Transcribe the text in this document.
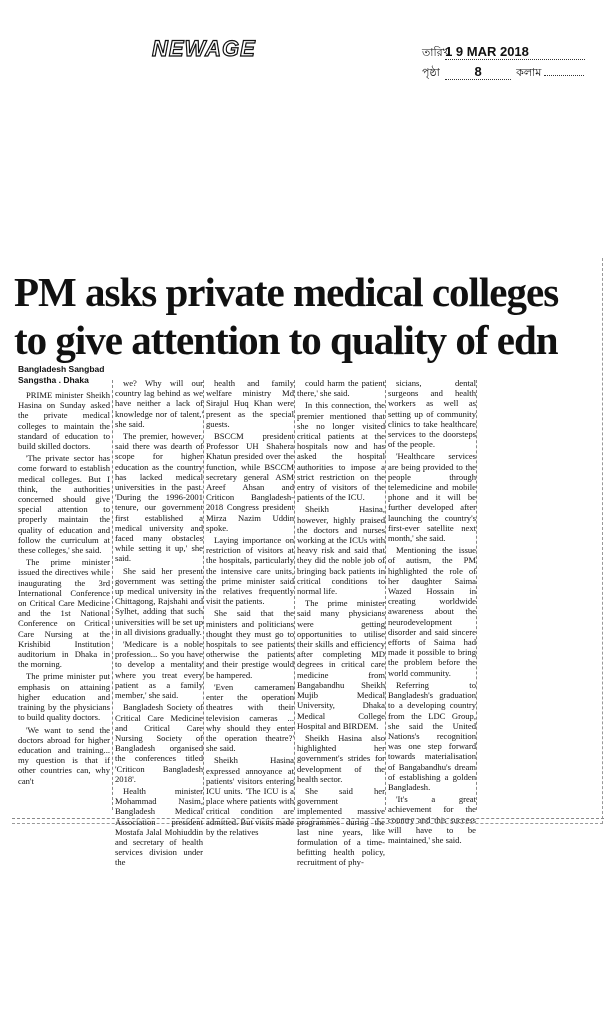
NEWAGE	তারিখ 1 9 MAR 2018
পৃষ্ঠা	8	কলাম
PM asks private medical colleges
to give attention to quality of edn
Bangladesh Sangbad
Sangstha . Dhaka

PRIME minister Sheikh Hasina on Sunday asked the private medical colleges to maintain the standard of education to build skilled doctors.

'The private sector has come forward to establish medical colleges. But I think, the authorities concerned should give special attention to properly maintain the quality of education and follow the curriculum at these colleges,' she said.

The prime minister issued the directives while inaugurating the 3rd International Conference on Critical Care Medicine and the 1st National Conference on Critical Care Nursing at the Krishibid Institution auditorium in Dhaka in the morning.

The prime minister put emphasis on attaining higher education and training by the physicians to build quality doctors.

'We want to send the doctors abroad for higher education and training... my question is that if other countries can, why can't

we? Why will our country lag behind as we have neither a lack of knowledge nor of talent,' she said.

The premier, however, said there was dearth of scope for higher education as the country has lacked medical universities in the past. 'During the 1996-2001 tenure, our government first established a medical university and faced many obstacles while setting it up,' she said.

She said her present government was setting up medical university in Chittagong, Rajshahi and Sylhet, adding that such universities will be set up in all divisions gradually.

'Medicare is a noble profession... So you have to develop a mentality where you treat every patient as a family member,' she said.

Bangladesh Society of Critical Care Medicine and Critical Care Nursing Society of Bangladesh organised the conferences titled 'Criticon Bangladesh 2018'.

Health minister Mohammad Nasim, Bangladesh Medical Association president Mostafa Jalal Mohiuddin and secretary of health services division under the

health and family welfare ministry Md Sirajul Huq Khan were present as the special guests.

BSCCM president Professor UH Shahera Khatun presided over the function, while BSCCM secretary general ASM Areef Ahsan and Criticon Bangladesh-2018 Congress president Mirza Nazim Uddin spoke.

Laying importance on restriction of visitors at the hospitals, particularly the intensive care units, the prime minister said the relatives frequently visit the patients.

She said that the ministers and politicians thought they must go to hospitals to see patients otherwise the patients and their prestige would be hampered.

'Even cameramen enter the operation theatres with their television cameras ... why should they enter the operation theatre?' she said.

Sheikh Hasina expressed annoyance at patients' visitors entering ICU units. 'The ICU is a place where patients with critical condition are admitted. But visits made by the relatives

could harm the patient there,' she said.

In this connection, the premier mentioned that she no longer visited critical patients at the hospitals now and has asked the hospital authorities to impose a strict restriction on the entry of visitors of the patients of the ICU.

Sheikh Hasina, however, highly praised the doctors and nurses working at the ICUs with heavy risk and said that they did the noble job of bringing back patients in critical conditions to normal life.

The prime minister said many physicians were getting opportunities to utilise their skills and efficiency after completing MD degrees in critical care medicine from Bangabandhu Sheikh Mujib Medical University, Dhaka Medical College Hospital and BIRDEM.

Sheikh Hasina also highlighted her government's strides for development of the health sector.

She said her government implemented massive programmes during the last nine years, like formulation of a time-befitting health policy, recruitment of phy-

sicians, dental surgeons and health workers as well as setting up of community clinics to take healthcare services to the doorsteps of the people.

'Healthcare services are being provided to the people through telemedicine and mobile phone and it will be further developed after launching the country's first-ever satellite next month,' she said.

Mentioning the issue of autism, the PM highlighted the role of her daughter Saima Wazed Hossain in creating worldwide awareness about the neurodevelopment disorder and said sincere efforts of Saima had made it possible to bring the problem before the world community.

Referring to Bangladesh's graduation to a developing country from the LDC Group, she said the United Nations's recognition was one step forward towards materialisation of Bangabandhu's dream of establishing a golden Bangladesh.

'It's a great achievement for the country and this success will have to be maintained,' she said.
